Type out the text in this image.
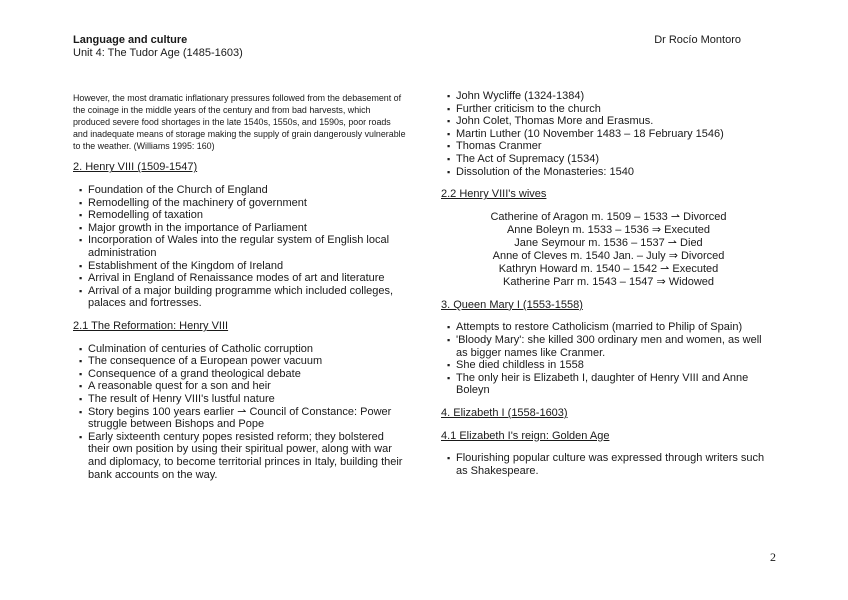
Language and culture
Unit 4: The Tudor Age (1485-1603)
Dr Rocío Montoro

However, the most dramatic inflationary pressures followed from the debasement of the coinage in the middle years of the century and from bad harvests, which produced severe food shortages in the late 1540s, 1550s, and 1590s, poor roads and inadequate means of storage making the supply of grain dangerously vulnerable to the weather. (Williams 1995: 160)

2. Henry VIII (1509-1547)
▪ Foundation of the Church of England
▪ Remodelling of the machinery of government
▪ Remodelling of taxation
▪ Major growth in the importance of Parliament
▪ Incorporation of Wales into the regular system of English local administration
▪ Establishment of the Kingdom of Ireland
▪ Arrival in England of Renaissance modes of art and literature
▪ Arrival of a major building programme which included colleges, palaces and fortresses.
2.1 The Reformation: Henry VIII
▪ Culmination of centuries of Catholic corruption
▪ The consequence of a European power vacuum
▪ Consequence of a grand theological debate
▪ A reasonable quest for a son and heir
▪ The result of Henry VIII's lustful nature
▪ Story begins 100 years earlier ⇀ Council of Constance: Power struggle between Bishops and Pope
▪ Early sixteenth century popes resisted reform; they bolstered their own position by using their spiritual power, along with war and diplomacy, to become territorial princes in Italy, building their bank accounts on the way.
▪ John Wycliffe (1324-1384)
▪ Further criticism to the church
▪ John Colet, Thomas More and Erasmus.
▪ Martin Luther (10 November 1483 – 18 February 1546)
▪ Thomas Cranmer
▪ The Act of Supremacy (1534)
▪ Dissolution of the Monasteries: 1540
2.2 Henry VIII's wives
Catherine of Aragon m. 1509 – 1533 ⇀ Divorced
Anne Boleyn m. 1533 – 1536 ⇒ Executed
Jane Seymour m. 1536 – 1537 ⇀ Died
Anne of Cleves m. 1540 Jan. – July ⇒ Divorced
Kathryn Howard m. 1540 – 1542 ⇀ Executed
Katherine Parr m. 1543 – 1547 ⇒ Widowed
3. Queen Mary I (1553-1558)
▪ Attempts to restore Catholicism (married to Philip of Spain)
▪ 'Bloody Mary': she killed 300 ordinary men and women, as well as bigger names like Cranmer.
▪ She died childless in 1558
▪ The only heir is Elizabeth I, daughter of Henry VIII and Anne Boleyn
4. Elizabeth I (1558-1603)
4.1 Elizabeth I's reign: Golden Age
▪ Flourishing popular culture was expressed through writers such as Shakespeare.
2
